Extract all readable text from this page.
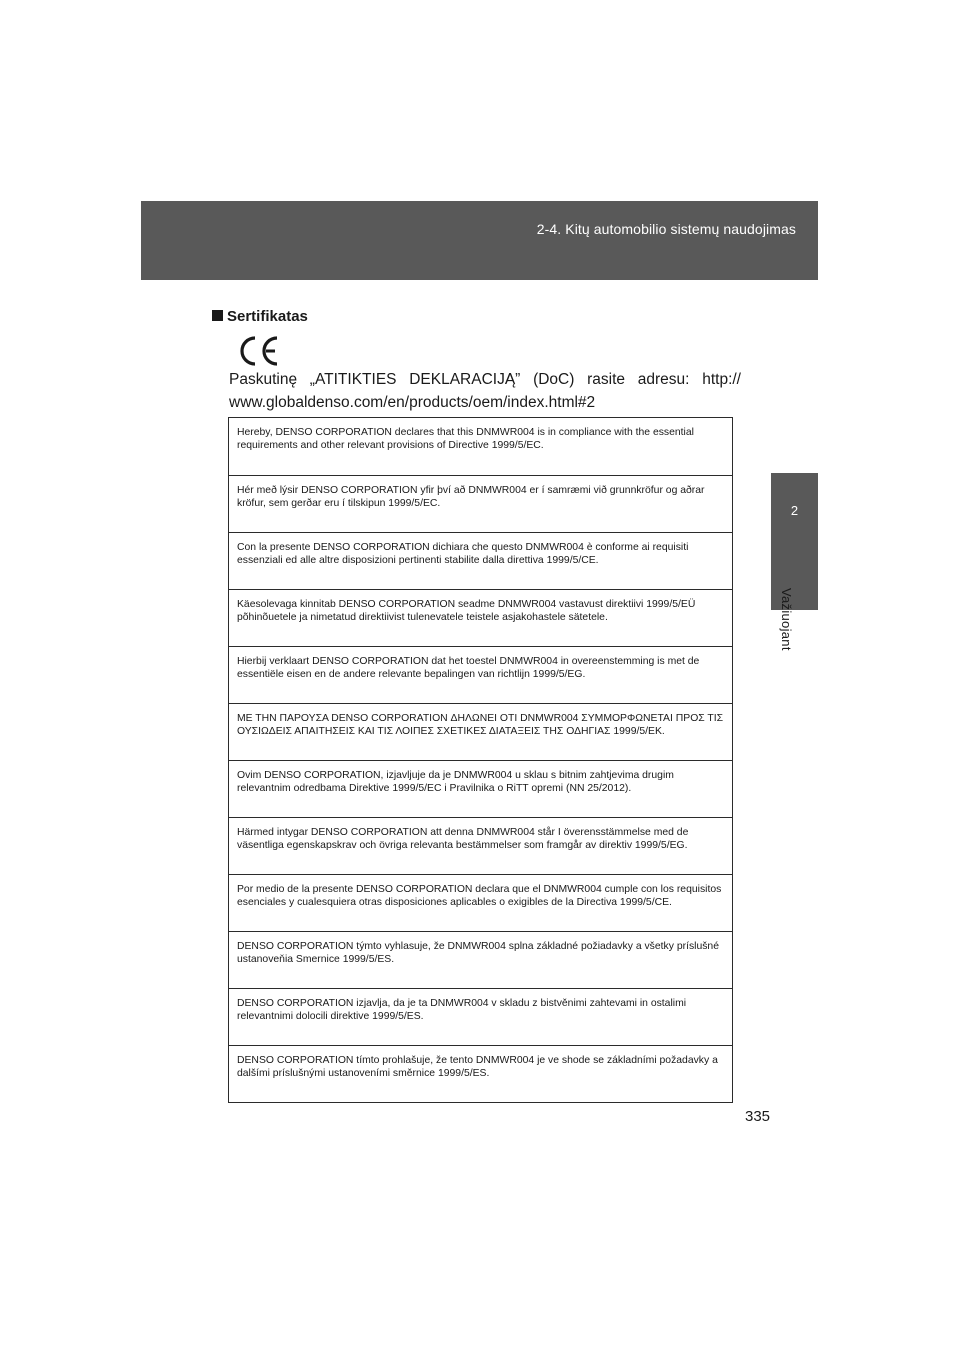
2-4. Kitų automobilio sistemų naudojimas
2
Važiuojant
Sertifikatas
Paskutinę „ATITIKTIES DEKLARACIJĄ” (DoC) rasite adresu: http://
www.globaldenso.com/en/products/oem/index.html#2
Hereby, DENSO CORPORATION declares that this DNMWR004 is in compliance with the essential requirements and other relevant provisions of Directive 1999/5/EC.
Hér með lýsir DENSO CORPORATION yfir því að DNMWR004 er í samræmi við grunnkröfur og aðrar kröfur, sem gerðar eru í tilskipun 1999/5/EC.
Con la presente DENSO CORPORATION dichiara che questo DNMWR004 è conforme ai requisiti essenziali ed alle altre disposizioni pertinenti stabilite dalla direttiva 1999/5/CE.
Käesolevaga kinnitab DENSO CORPORATION seadme DNMWR004 vastavust direktiivi 1999/5/EÜ põhinõuetele ja nimetatud direktiivist tulenevatele teistele asjakohastele sätetele.
Hierbij verklaart DENSO CORPORATION dat het toestel DNMWR004 in overeenstemming is met de essentiële eisen en de andere relevante bepalingen van richtlijn 1999/5/EG.
ΜΕ ΤΗΝ ΠΑΡΟΥΣΑ DENSO CORPORATION ΔΗΛΩΝΕΙ ΟΤΙ DNMWR004 ΣΥΜΜΟΡΦΩΝΕΤΑΙ ΠΡΟΣ ΤΙΣ ΟΥΣΙΩΔΕΙΣ ΑΠΑΙΤΗΣΕΙΣ ΚΑΙ ΤΙΣ ΛΟΙΠΕΣ ΣΧΕΤΙΚΕΣ ΔΙΑΤΑΞΕΙΣ ΤΗΣ ΟΔΗΓΙΑΣ 1999/5/ΕΚ.
Ovim DENSO CORPORATION, izjavljuje da je DNMWR004 u sklau s bitnim zahtjevima drugim relevantnim odredbama Direktive 1999/5/EC i Pravilnika o RiTT opremi (NN 25/2012).
Härmed intygar DENSO CORPORATION att denna DNMWR004 står I överensstämmelse med de väsentliga egenskapskrav och övriga relevanta bestämmelser som framgår av direktiv 1999/5/EG.
Por medio de la presente DENSO CORPORATION declara que el DNMWR004 cumple con los requisitos esenciales y cualesquiera otras disposiciones aplicables o exigibles de la Directiva 1999/5/CE.
DENSO CORPORATION týmto vyhlasuje, že DNMWR004 splna základné požiadavky a všetky príslušné ustanoveňia Smernice 1999/5/ES.
DENSO CORPORATION izjavlja, da je ta DNMWR004 v skladu z bistvěnimi zahtevami in ostalimi relevantnimi dolocili direktive 1999/5/ES.
DENSO CORPORATION tímto prohlašuje, že tento DNMWR004 je ve shode se základními požadavky a dalšími príslušnými ustanoveními směrnice 1999/5/ES.
335
